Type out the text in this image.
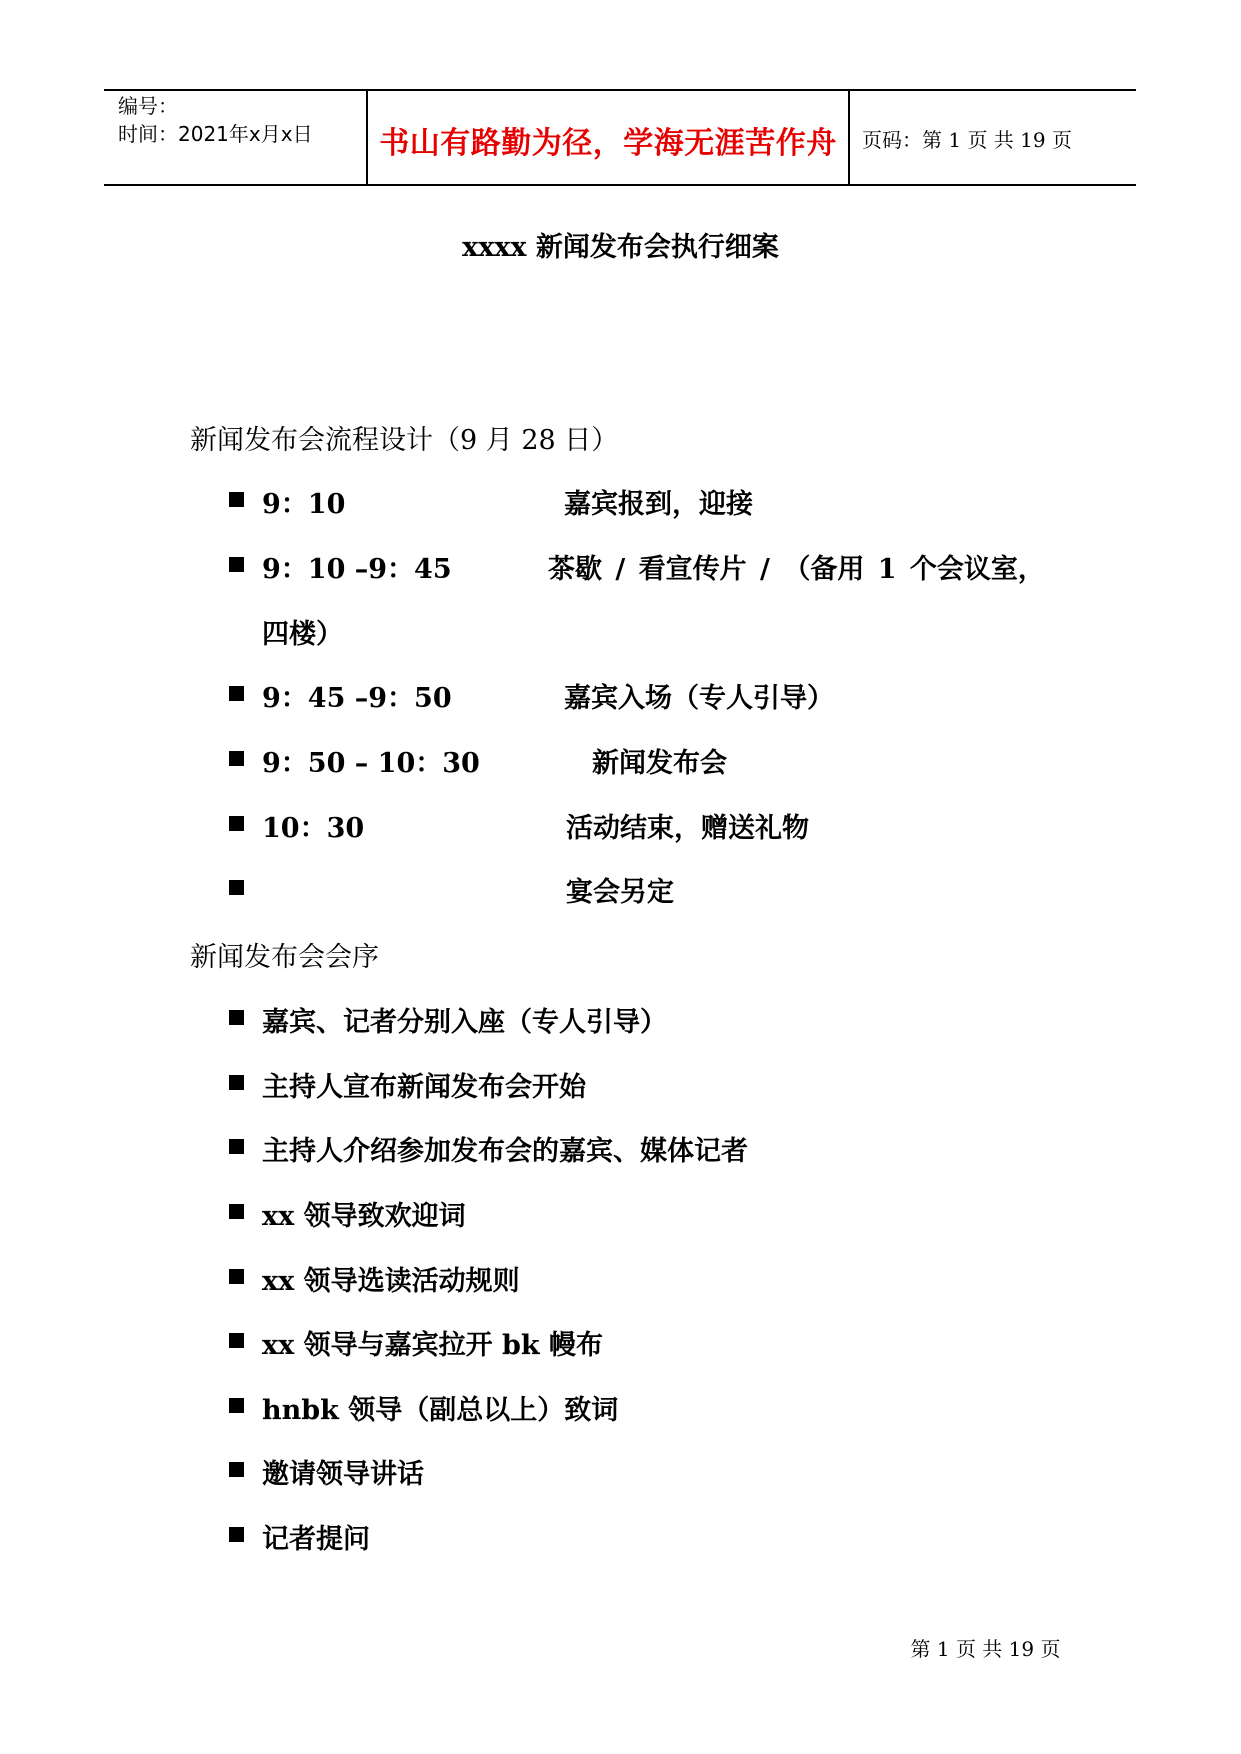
编号：
时间：2021年x月x日	书山有路勤为径，学海无涯苦作舟	页码：第 1 页 共 19 页
xxxx 新闻发布会执行细案
新闻发布会流程设计（9 月 28 日）
9：10	嘉宾报到，迎接
9：10 –9：45	茶歇 / 看宣传片 / （备用 1 个会议室，
四楼）
9：45 –9：50	嘉宾入场（专人引导）
9：50 – 10：30	新闻发布会
10：30	活动结束，赠送礼物
宴会另定
新闻发布会会序
嘉宾、记者分别入座（专人引导）
主持人宣布新闻发布会开始
主持人介绍参加发布会的嘉宾、媒体记者
xx 领导致欢迎词
xx 领导选读活动规则
xx 领导与嘉宾拉开 bk 幔布
hnbk 领导（副总以上）致词
邀请领导讲话
记者提问
第 1 页 共 19 页
